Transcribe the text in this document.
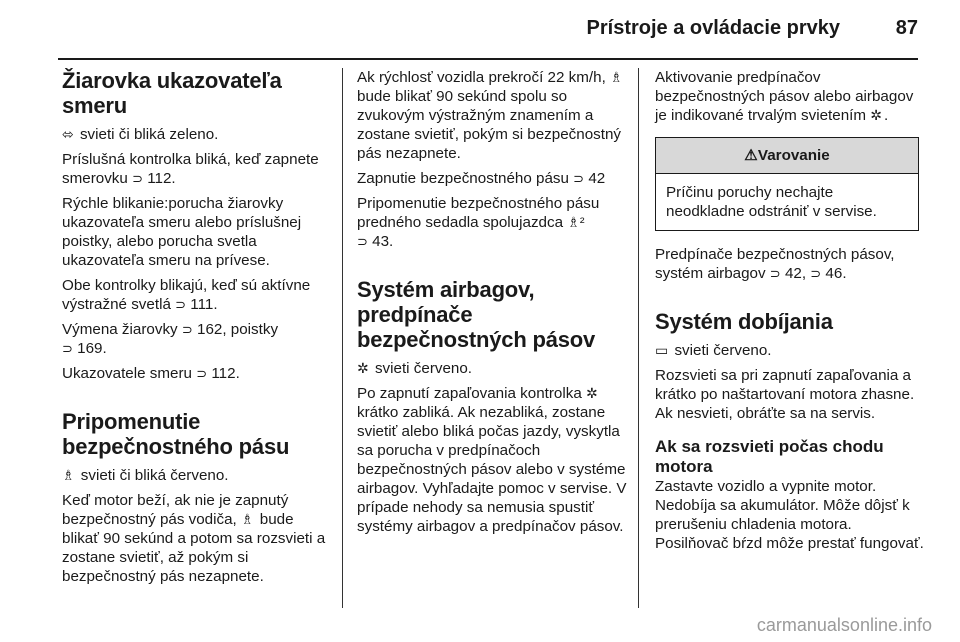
Prístroje a ovládacie prvky	87
Žiarovka ukazovateľa smeru

⬄ svieti či bliká zeleno.

Príslušná kontrolka bliká, keď zapnete smerovku ⊃ 112.

Rýchle blikanie:porucha žiarovky ukazovateľa smeru alebo príslušnej poistky, alebo porucha svetla ukazovateľa smeru na prívese.

Obe kontrolky blikajú, keď sú aktívne výstražné svetlá ⊃ 111.

Výmena žiarovky ⊃ 162, poistky
⊃ 169.

Ukazovatele smeru ⊃ 112.

Pripomenutie bezpečnostného pásu

♗ svieti či bliká červeno.

Keď motor beží, ak nie je zapnutý bezpečnostný pás vodiča, ♗ bude blikať 90 sekúnd a potom sa rozsvieti a zostane svietiť, až pokým si bezpečnostný pás nezapnete.

Ak rýchlosť vozidla prekročí 22 km/h, ♗ bude blikať 90 sekúnd spolu so zvukovým výstražným znamením a zostane svietiť, pokým si bezpečnostný pás nezapnete.

Zapnutie bezpečnostného pásu ⊃ 42

Pripomenutie bezpečnostného pásu predného sedadla spolujazdca ♗²
⊃ 43.

Systém airbagov, predpínače bezpečnostných pásov

✲ svieti červeno.

Po zapnutí zapaľovania kontrolka ✲ krátko zabliká. Ak nezabliká, zostane svietiť alebo bliká počas jazdy, vyskytla sa porucha v predpínačoch bezpečnostných pásov alebo v systéme airbagov. Vyhľadajte pomoc v servise. V prípade nehody sa nemusia spustiť systémy airbagov a predpínačov pásov.

Aktivovanie predpínačov bezpečnostných pásov alebo airbagov je indikované trvalým svietením ✲ .

⚠Varovanie
Príčinu poruchy nechajte neodkladne odstrániť v servise.

Predpínače bezpečnostných pásov, systém airbagov ⊃ 42, ⊃ 46.

Systém dobíjania

▭ svieti červeno.

Rozsvieti sa pri zapnutí zapaľovania a krátko po naštartovaní motora zhasne. Ak nesvieti, obráťte sa na servis.

Ak sa rozsvieti počas chodu motora

Zastavte vozidlo a vypnite motor. Nedobíja sa akumulátor. Môže dôjsť k prerušeniu chladenia motora. Posilňovač bŕzd môže prestať fungovať.

carmanualsonline.info
